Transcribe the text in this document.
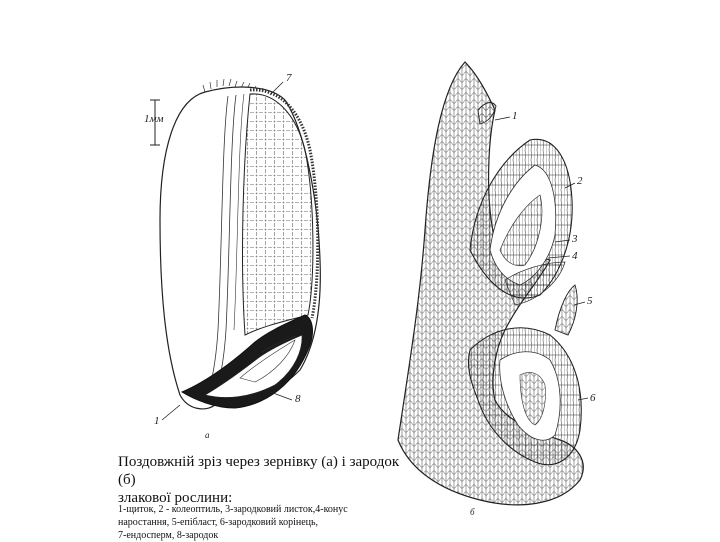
1мм
7
1
8
а
1
2
3
4
5
6
б
Поздовжній зріз через зернівку (а) і зародок (б)
злакової рослини:
1-щиток, 2 - колеоптиль, 3-зародковий листок,4-конус
наростання, 5-епібласт, 6-зародковий корінець,
7-ендосперм, 8-зародок
